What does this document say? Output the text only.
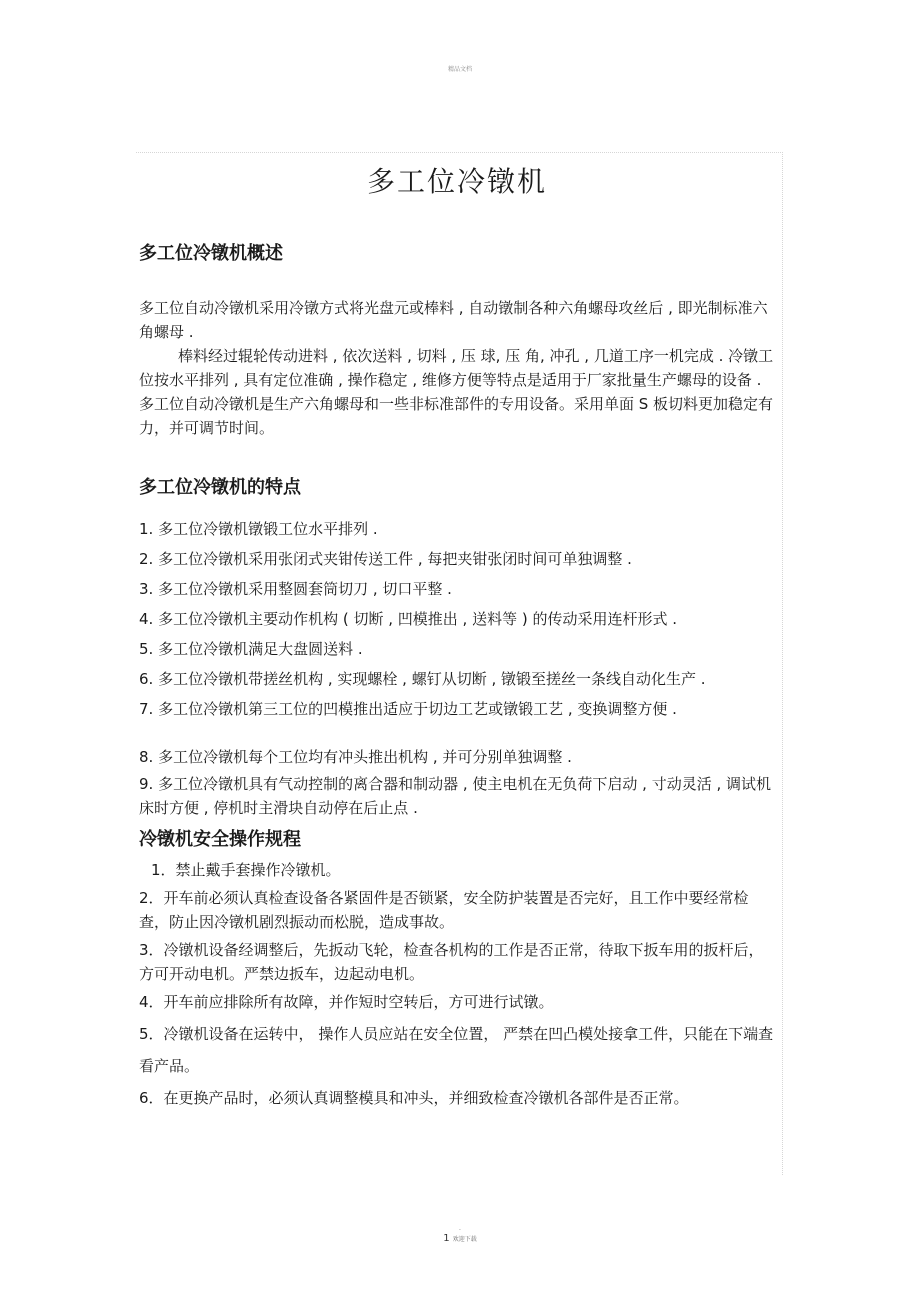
精品文档
多工位冷镦机
多工位冷镦机概述

多工位自动冷镦机采用冷镦方式将光盘元或棒料 , 自动镦制各种六角螺母攻丝后 , 即光制标准六角螺母 .

棒料经过辊轮传动进料 , 依次送料 , 切料 , 压 球, 压 角, 冲孔 , 几道工序一机完成 . 冷镦工位按水平排列 , 具有定位准确 , 操作稳定 , 维修方便等特点是适用于厂家批量生产螺母的设备 . 多工位自动冷镦机是生产六角螺母和一些非标准部件的专用设备。采用单面 S 板切料更加稳定有力，并可调节时间。

多工位冷镦机的特点
1. 多工位冷镦机镦锻工位水平排列 .
2. 多工位冷镦机采用张闭式夹钳传送工件 , 每把夹钳张闭时间可单独调整 .
3. 多工位冷镦机采用整圆套筒切刀 , 切口平整 .
4. 多工位冷镦机主要动作机构 ( 切断 , 凹模推出 , 送料等 ) 的传动采用连杆形式 .
5. 多工位冷镦机满足大盘圆送料 .
6. 多工位冷镦机带搓丝机构 , 实现螺栓 , 螺钉从切断 , 镦锻至搓丝一条线自动化生产 .
7. 多工位冷镦机第三工位的凹模推出适应于切边工艺或镦锻工艺 , 变换调整方便 .
8. 多工位冷镦机每个工位均有冲头推出机构 , 并可分别单独调整 .
9. 多工位冷镦机具有气动控制的离合器和制动器 , 使主电机在无负荷下启动 , 寸动灵活 , 调试机床时方便 , 停机时主滑块自动停在后止点 .
冷镦机安全操作规程
1．禁止戴手套操作冷镦机。
2．开车前必须认真检查设备各紧固件是否锁紧，安全防护装置是否完好，且工作中要经常检查，防止因冷镦机剧烈振动而松脱，造成事故。
3．冷镦机设备经调整后，先扳动飞轮，检查各机构的工作是否正常，待取下扳车用的扳杆后，方可开动电机。严禁边扳车，边起动电机。
4．开车前应排除所有故障，并作短时空转后，方可进行试镦。
5．冷镦机设备在运转中， 操作人员应站在安全位置， 严禁在凹凸模处接拿工件，只能在下端查看产品。
6．在更换产品时，必须认真调整模具和冲头，并细致检查冷镦机各部件是否正常。
.
1 欢迎下载
